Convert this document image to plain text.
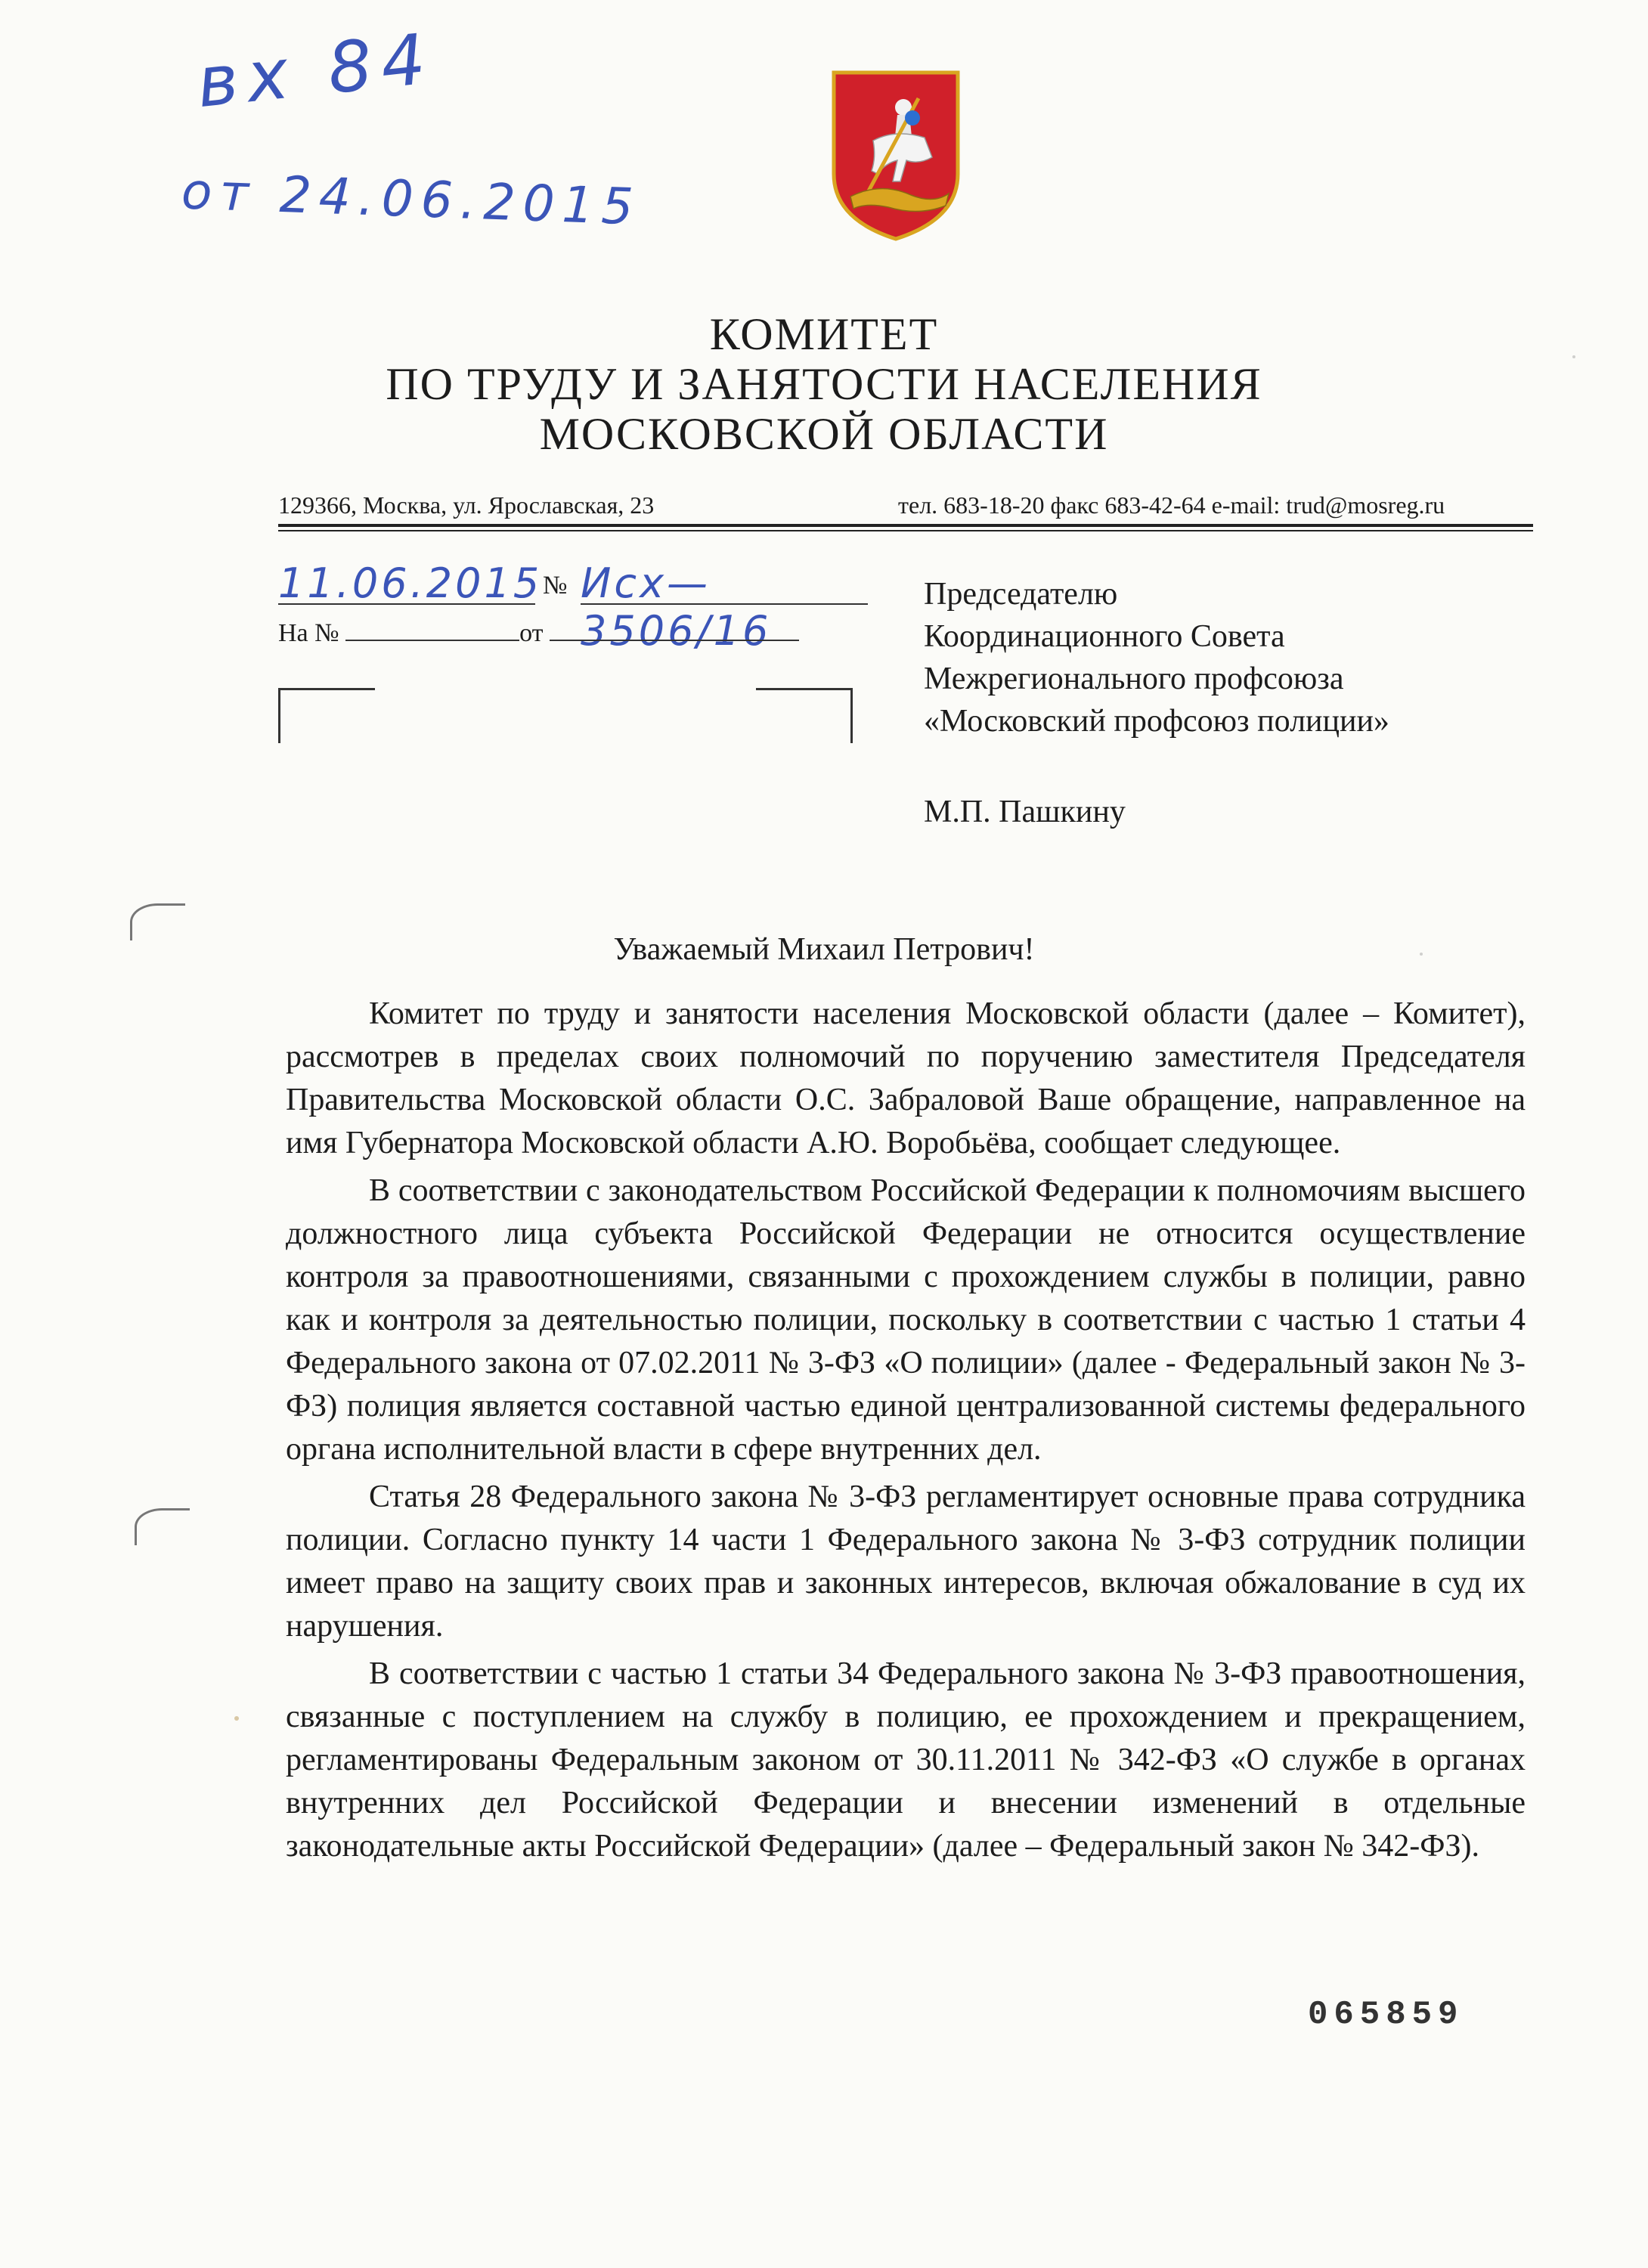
вх 84
от 24.06.2015
КОМИТЕТ
ПО ТРУДУ И ЗАНЯТОСТИ НАСЕЛЕНИЯ
МОСКОВСКОЙ ОБЛАСТИ
129366, Москва, ул. Ярославская, 23	тел. 683-18-20 факс 683-42-64 e-mail: trud@mosreg.ru
11.06.2015 № Исх— 3506/16
На №	от
Председателю
Координационного Совета
Межрегионального профсоюза
«Московский профсоюз полиции»
М.П. Пашкину
Уважаемый Михаил Петрович!

Комитет по труду и занятости населения Московской области (далее – Комитет), рассмотрев в пределах своих полномочий по поручению заместителя Председателя Правительства Московской области О.С. Забраловой Ваше обращение, направленное на имя Губернатора Московской области А.Ю. Воробьёва, сообщает следующее.

В соответствии с законодательством Российской Федерации к полномочиям высшего должностного лица субъекта Российской Федерации не относится осуществление контроля за правоотношениями, связанными с прохождением службы в полиции, равно как и контроля за деятельностью полиции, поскольку в соответствии с частью 1 статьи 4 Федерального закона от 07.02.2011 № 3-ФЗ «О полиции» (далее - Федеральный закон № 3-ФЗ) полиция является составной частью единой централизованной системы федерального органа исполнительной власти в сфере внутренних дел.

Статья 28 Федерального закона № 3-ФЗ регламентирует основные права сотрудника полиции. Согласно пункту 14 части 1 Федерального закона № 3-ФЗ сотрудник полиции имеет право на защиту своих прав и законных интересов, включая обжалование в суд их нарушения.

В соответствии с частью 1 статьи 34 Федерального закона № 3-ФЗ правоотношения, связанные с поступлением на службу в полицию, ее прохождением и прекращением, регламентированы Федеральным законом от 30.11.2011 № 342-ФЗ «О службе в органах внутренних дел Российской Федерации и внесении изменений в отдельные законодательные акты Российской Федерации» (далее – Федеральный закон № 342-ФЗ).

065859
